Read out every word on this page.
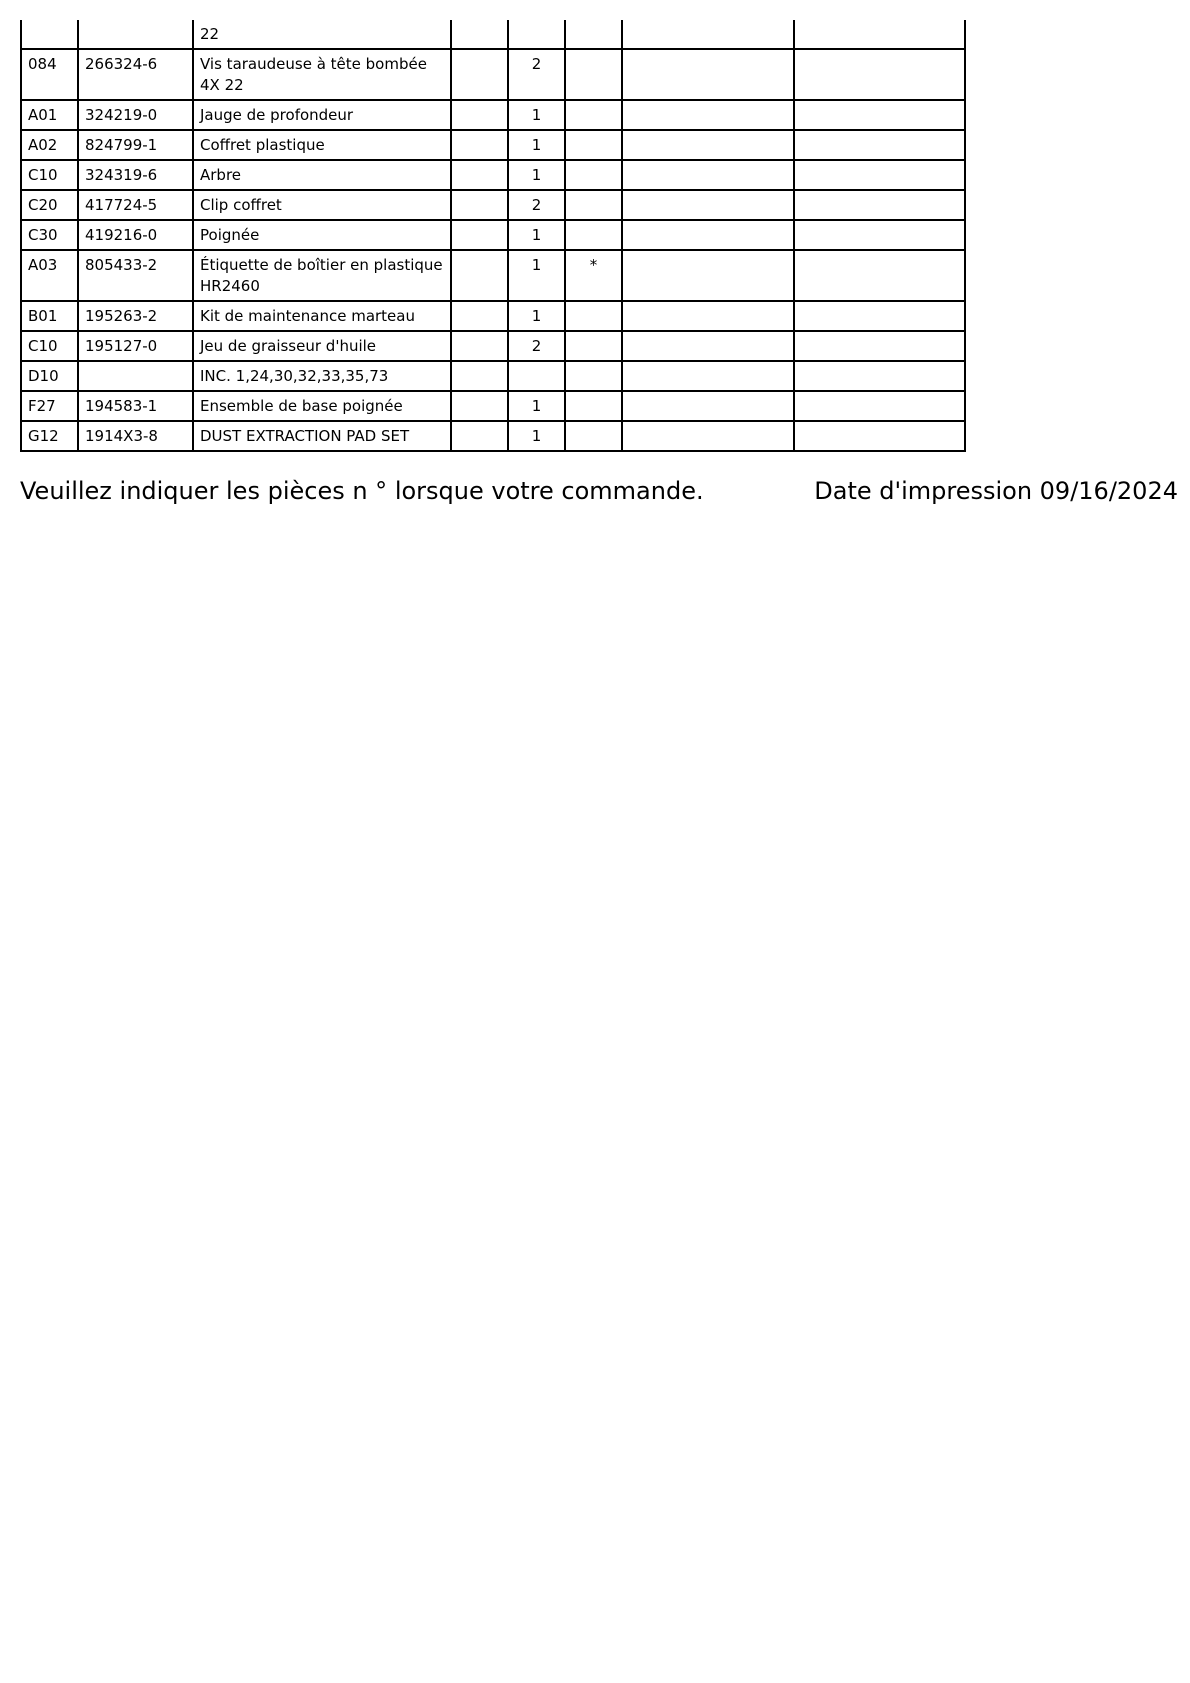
		22					
084	266324-6	Vis taraudeuse à tête bombée 4X 22		2			
A01	324219-0	Jauge de profondeur		1			
A02	824799-1	Coffret plastique		1			
C10	324319-6	Arbre		1			
C20	417724-5	Clip coffret		2			
C30	419216-0	Poignée		1			
A03	805433-2	Étiquette de boîtier en plastique HR2460		1	*		
B01	195263-2	Kit de maintenance marteau		1			
C10	195127-0	Jeu de graisseur d'huile		2			
D10		INC. 1,24,30,32,33,35,73					
F27	194583-1	Ensemble de base poignée		1			
G12	1914X3-8	DUST EXTRACTION PAD SET		1			
Veuillez indiquer les pièces n ° lorsque votre commande.	Date d'impression 09/16/2024
